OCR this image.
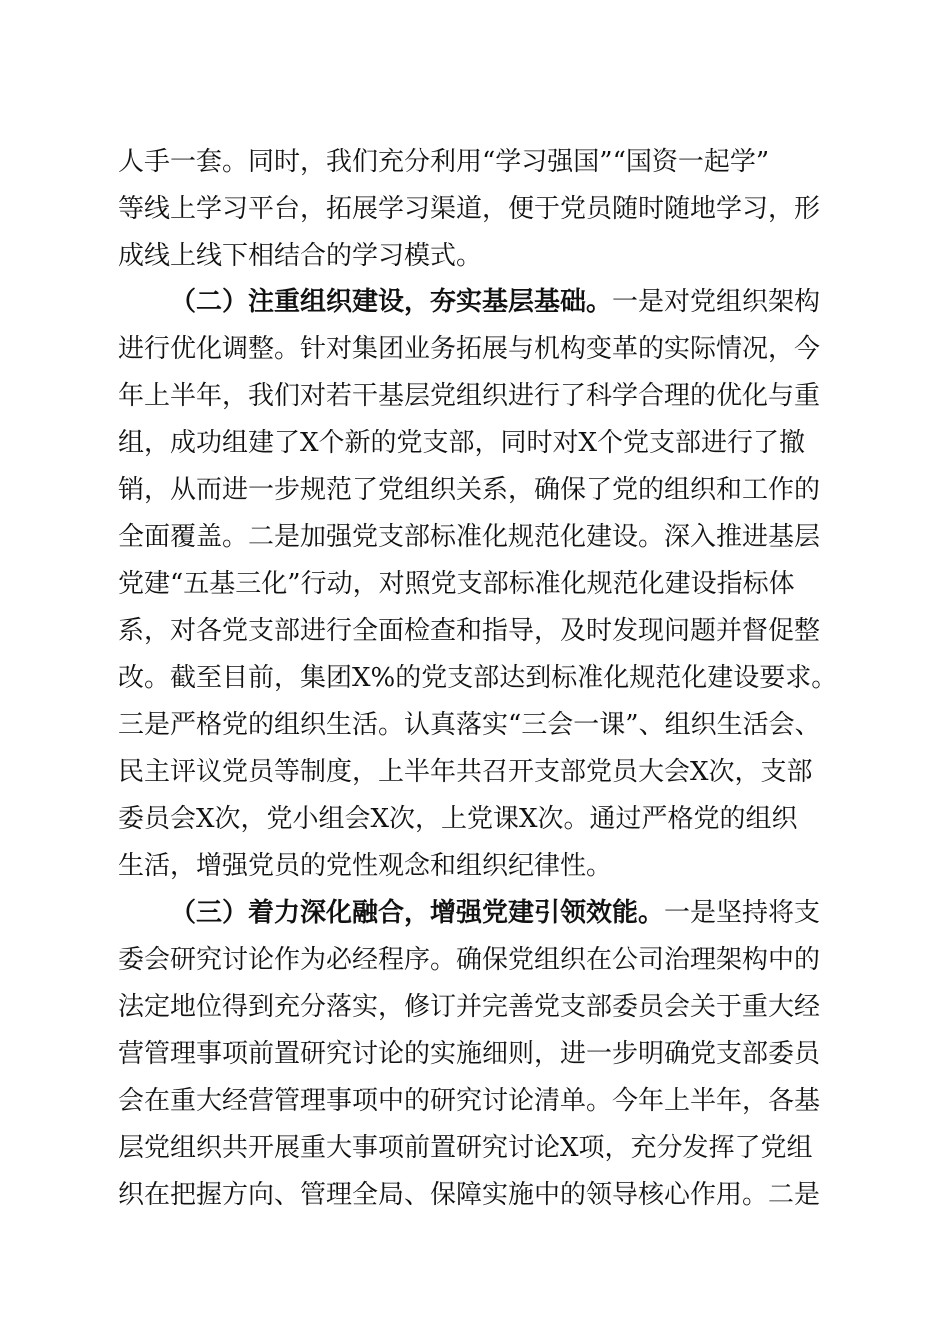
人手一套。同时，我们充分利用“学习强国”“国资一起学”
等线上学习平台，拓展学习渠道，便于党员随时随地学习，形
成线上线下相结合的学习模式。
（二）注重组织建设，夯实基层基础。一是对党组织架构
进行优化调整。针对集团业务拓展与机构变革的实际情况，今
年上半年，我们对若干基层党组织进行了科学合理的优化与重
组，成功组建了X个新的党支部，同时对X个党支部进行了撤
销，从而进一步规范了党组织关系，确保了党的组织和工作的
全面覆盖。二是加强党支部标准化规范化建设。深入推进基层
党建“五基三化”行动，对照党支部标准化规范化建设指标体
系，对各党支部进行全面检查和指导，及时发现问题并督促整
改。截至目前，集团X%的党支部达到标准化规范化建设要求。
三是严格党的组织生活。认真落实“三会一课”、组织生活会、
民主评议党员等制度，上半年共召开支部党员大会X次，支部
委员会X次，党小组会X次，上党课X次。通过严格党的组织
生活，增强党员的党性观念和组织纪律性。
（三）着力深化融合，增强党建引领效能。一是坚持将支
委会研究讨论作为必经程序。确保党组织在公司治理架构中的
法定地位得到充分落实，修订并完善党支部委员会关于重大经
营管理事项前置研究讨论的实施细则，进一步明确党支部委员
会在重大经营管理事项中的研究讨论清单。今年上半年，各基
层党组织共开展重大事项前置研究讨论X项，充分发挥了党组
织在把握方向、管理全局、保障实施中的领导核心作用。二是
